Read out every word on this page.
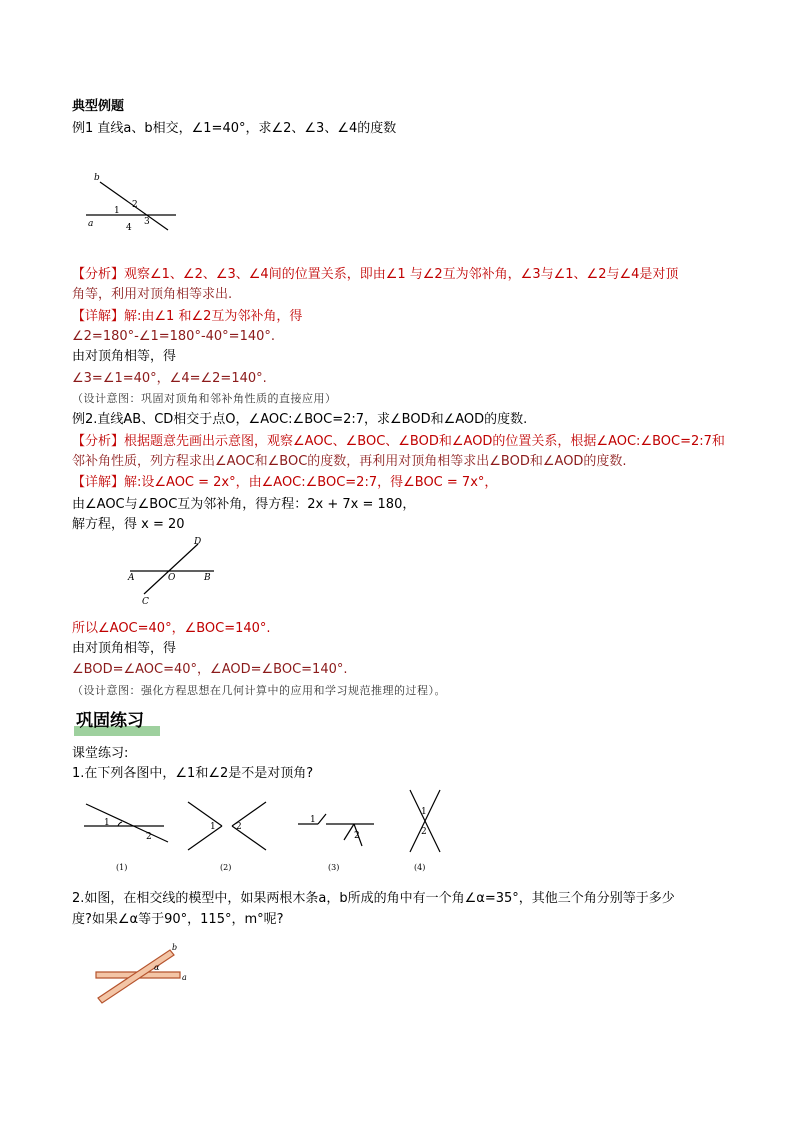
典型例题
例1 直线a、b相交，∠1=40°，求∠2、∠3、∠4的度数
b
a
1
2
3
4
【分析】观察∠1、∠2、∠3、∠4间的位置关系，即由∠1 与∠2互为邻补角，∠3与∠1、∠2与∠4是对顶
角等，利用对顶角相等求出.
【详解】解:由∠1 和∠2互为邻补角，得
∠2=180°-∠1=180°-40°=140°.
由对顶角相等，得
∠3=∠1=40°，∠4=∠2=140°.
（设计意图：巩固对顶角和邻补角性质的直接应用）
例2.直线AB、CD相交于点O，∠AOC:∠BOC=2:7，求∠BOD和∠AOD的度数.
【分析】根据题意先画出示意图，观察∠AOC、∠BOC、∠BOD和∠AOD的位置关系，根据∠AOC:∠BOC=2:7和
邻补角性质，列方程求出∠AOC和∠BOC的度数，再利用对顶角相等求出∠BOD和∠AOD的度数.
【详解】解:设∠AOC = 2x°，由∠AOC:∠BOC=2:7，得∠BOC = 7x°，
由∠AOC与∠BOC互为邻补角，得方程：2x + 7x = 180，
解方程，得 x = 20
D
A	O	B
C
所以∠AOC=40°，∠BOC=140°.
由对顶角相等，得
∠BOD=∠AOC=40°，∠AOD=∠BOC=140°.
（设计意图：强化方程思想在几何计算中的应用和学习规范推理的过程）。
巩固练习
课堂练习:
1.在下列各图中，∠1和∠2是不是对顶角?
1
2
(1)
1 2
(2)
1
2
(3)
1
2
(4)
2.如图，在相交线的模型中，如果两根木条a，b所成的角中有一个角∠α=35°，其他三个角分别等于多少
度?如果∠α等于90°，115°，m°呢?
b
a
α
